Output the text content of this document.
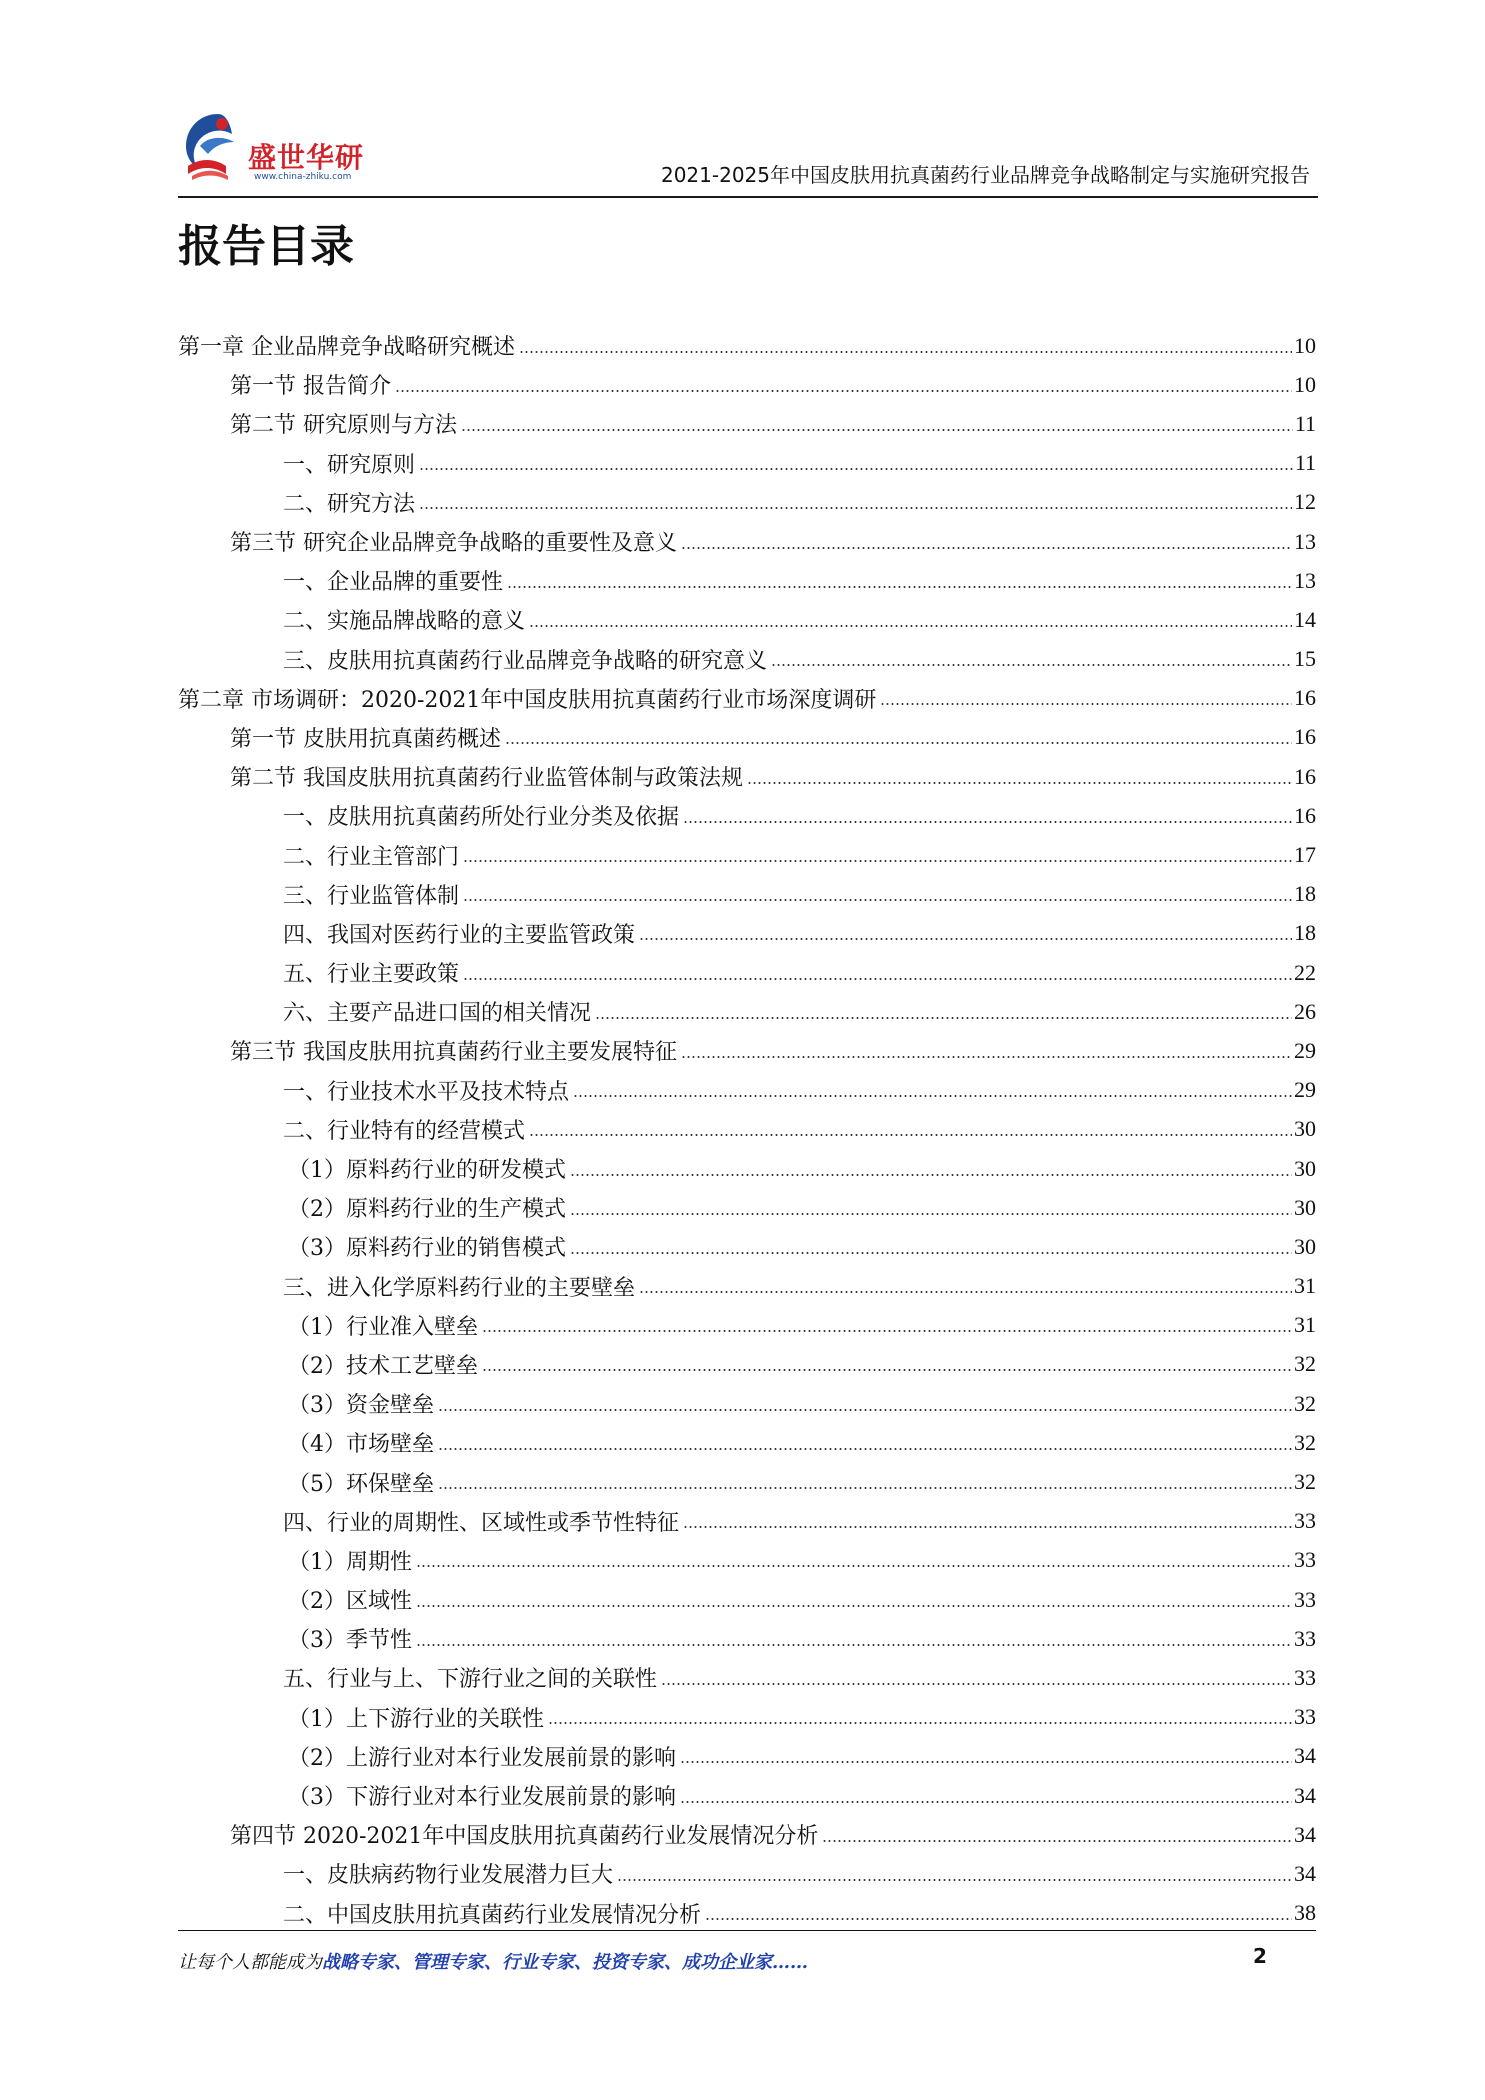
盛世华研
www.china-zhiku.com	2021-2025年中国皮肤用抗真菌药行业品牌竞争战略制定与实施研究报告
报告目录
第一章 企业品牌竞争战略研究概述	10
第一节 报告简介	10
第二节 研究原则与方法	11
一、研究原则	11
二、研究方法	12
第三节 研究企业品牌竞争战略的重要性及意义	13
一、企业品牌的重要性	13
二、实施品牌战略的意义	14
三、皮肤用抗真菌药行业品牌竞争战略的研究意义	15
第二章 市场调研：2020-2021年中国皮肤用抗真菌药行业市场深度调研	16
第一节 皮肤用抗真菌药概述	16
第二节 我国皮肤用抗真菌药行业监管体制与政策法规	16
一、皮肤用抗真菌药所处行业分类及依据	16
二、行业主管部门	17
三、行业监管体制	18
四、我国对医药行业的主要监管政策	18
五、行业主要政策	22
六、主要产品进口国的相关情况	26
第三节 我国皮肤用抗真菌药行业主要发展特征	29
一、行业技术水平及技术特点	29
二、行业特有的经营模式	30
（1）原料药行业的研发模式	30
（2）原料药行业的生产模式	30
（3）原料药行业的销售模式	30
三、进入化学原料药行业的主要壁垒	31
（1）行业准入壁垒	31
（2）技术工艺壁垒	32
（3）资金壁垒	32
（4）市场壁垒	32
（5）环保壁垒	32
四、行业的周期性、区域性或季节性特征	33
（1）周期性	33
（2）区域性	33
（3）季节性	33
五、行业与上、下游行业之间的关联性	33
（1）上下游行业的关联性	33
（2）上游行业对本行业发展前景的影响	34
（3）下游行业对本行业发展前景的影响	34
第四节 2020-2021年中国皮肤用抗真菌药行业发展情况分析	34
一、皮肤病药物行业发展潜力巨大	34
二、中国皮肤用抗真菌药行业发展情况分析	38
让每个人都能成为战略专家、管理专家、行业专家、投资专家、成功企业家……	2
